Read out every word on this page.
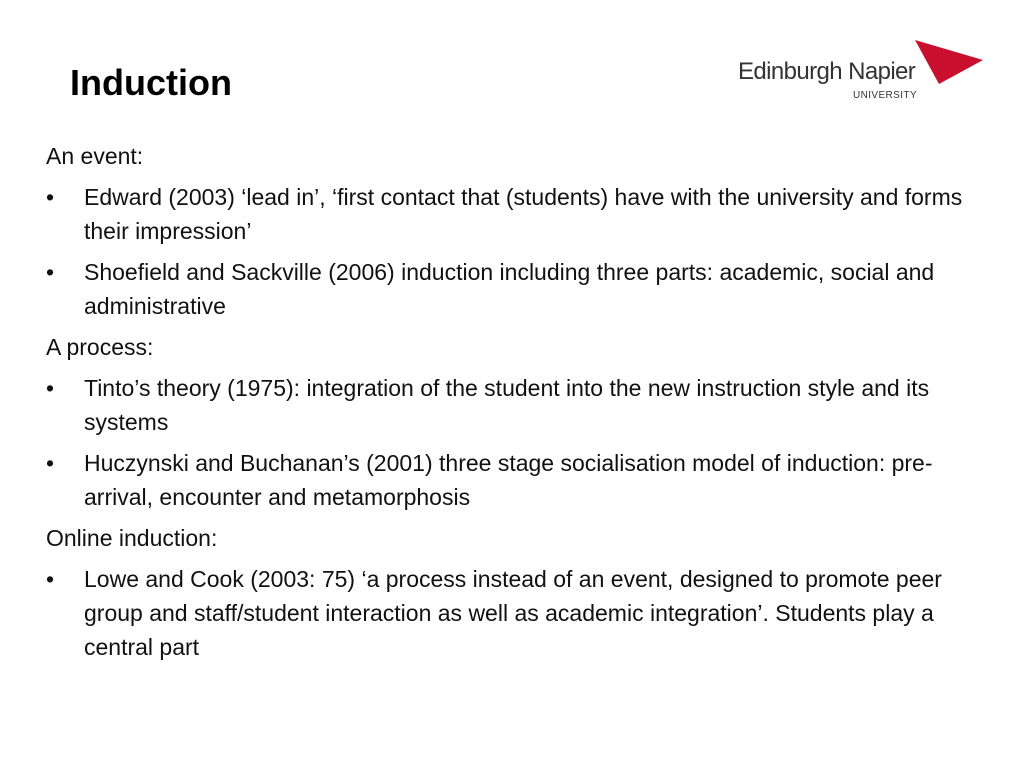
Induction	Edinburgh Napier
UNIVERSITY

An event:

• Edward (2003) ‘lead in’, ‘first contact that (students) have with the university and forms their impression’
• Shoefield and Sackville (2006) induction including three parts: academic, social and administrative

A process:

• Tinto’s theory (1975): integration of the student into the new instruction style and its systems
• Huczynski and Buchanan’s (2001) three stage socialisation model of induction: pre-arrival, encounter and metamorphosis

Online induction:

• Lowe and Cook (2003: 75) ‘a process instead of an event, designed to promote peer group and staff/student interaction as well as academic integration’. Students play a central part
